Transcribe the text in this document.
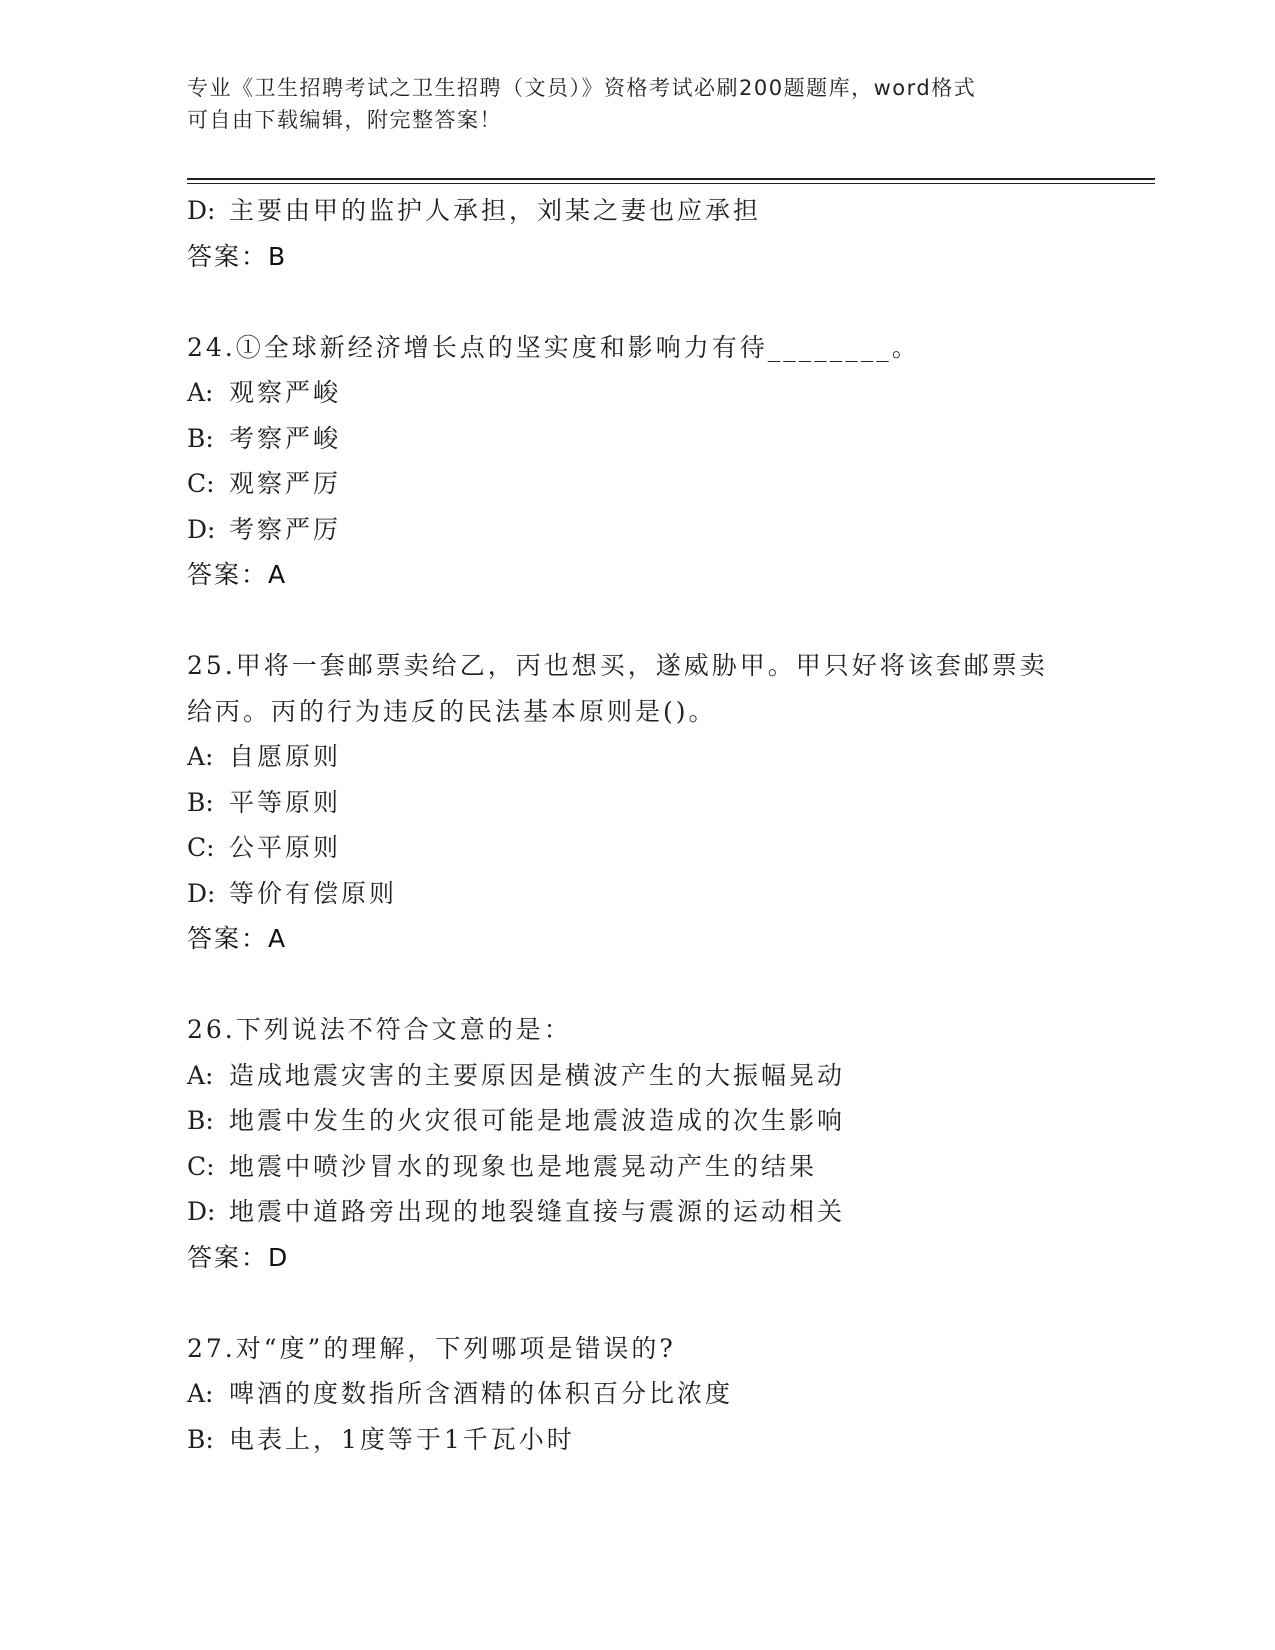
专业《卫生招聘考试之卫生招聘（文员）》资格考试必刷200题题库，word格式
可自由下载编辑，附完整答案！
D: 主要由甲的监护人承担，刘某之妻也应承担
答案：B
24.①全球新经济增长点的坚实度和影响力有待________。
A: 观察严峻
B: 考察严峻
C: 观察严厉
D: 考察严厉
答案：A
25.甲将一套邮票卖给乙，丙也想买，遂威胁甲。甲只好将该套邮票卖
给丙。丙的行为违反的民法基本原则是()。
A: 自愿原则
B: 平等原则
C: 公平原则
D: 等价有偿原则
答案：A
26.下列说法不符合文意的是：
A: 造成地震灾害的主要原因是横波产生的大振幅晃动
B: 地震中发生的火灾很可能是地震波造成的次生影响
C: 地震中喷沙冒水的现象也是地震晃动产生的结果
D: 地震中道路旁出现的地裂缝直接与震源的运动相关
答案：D
27.对“度”的理解，下列哪项是错误的?
A: 啤酒的度数指所含酒精的体积百分比浓度
B: 电表上，1度等于1千瓦小时
